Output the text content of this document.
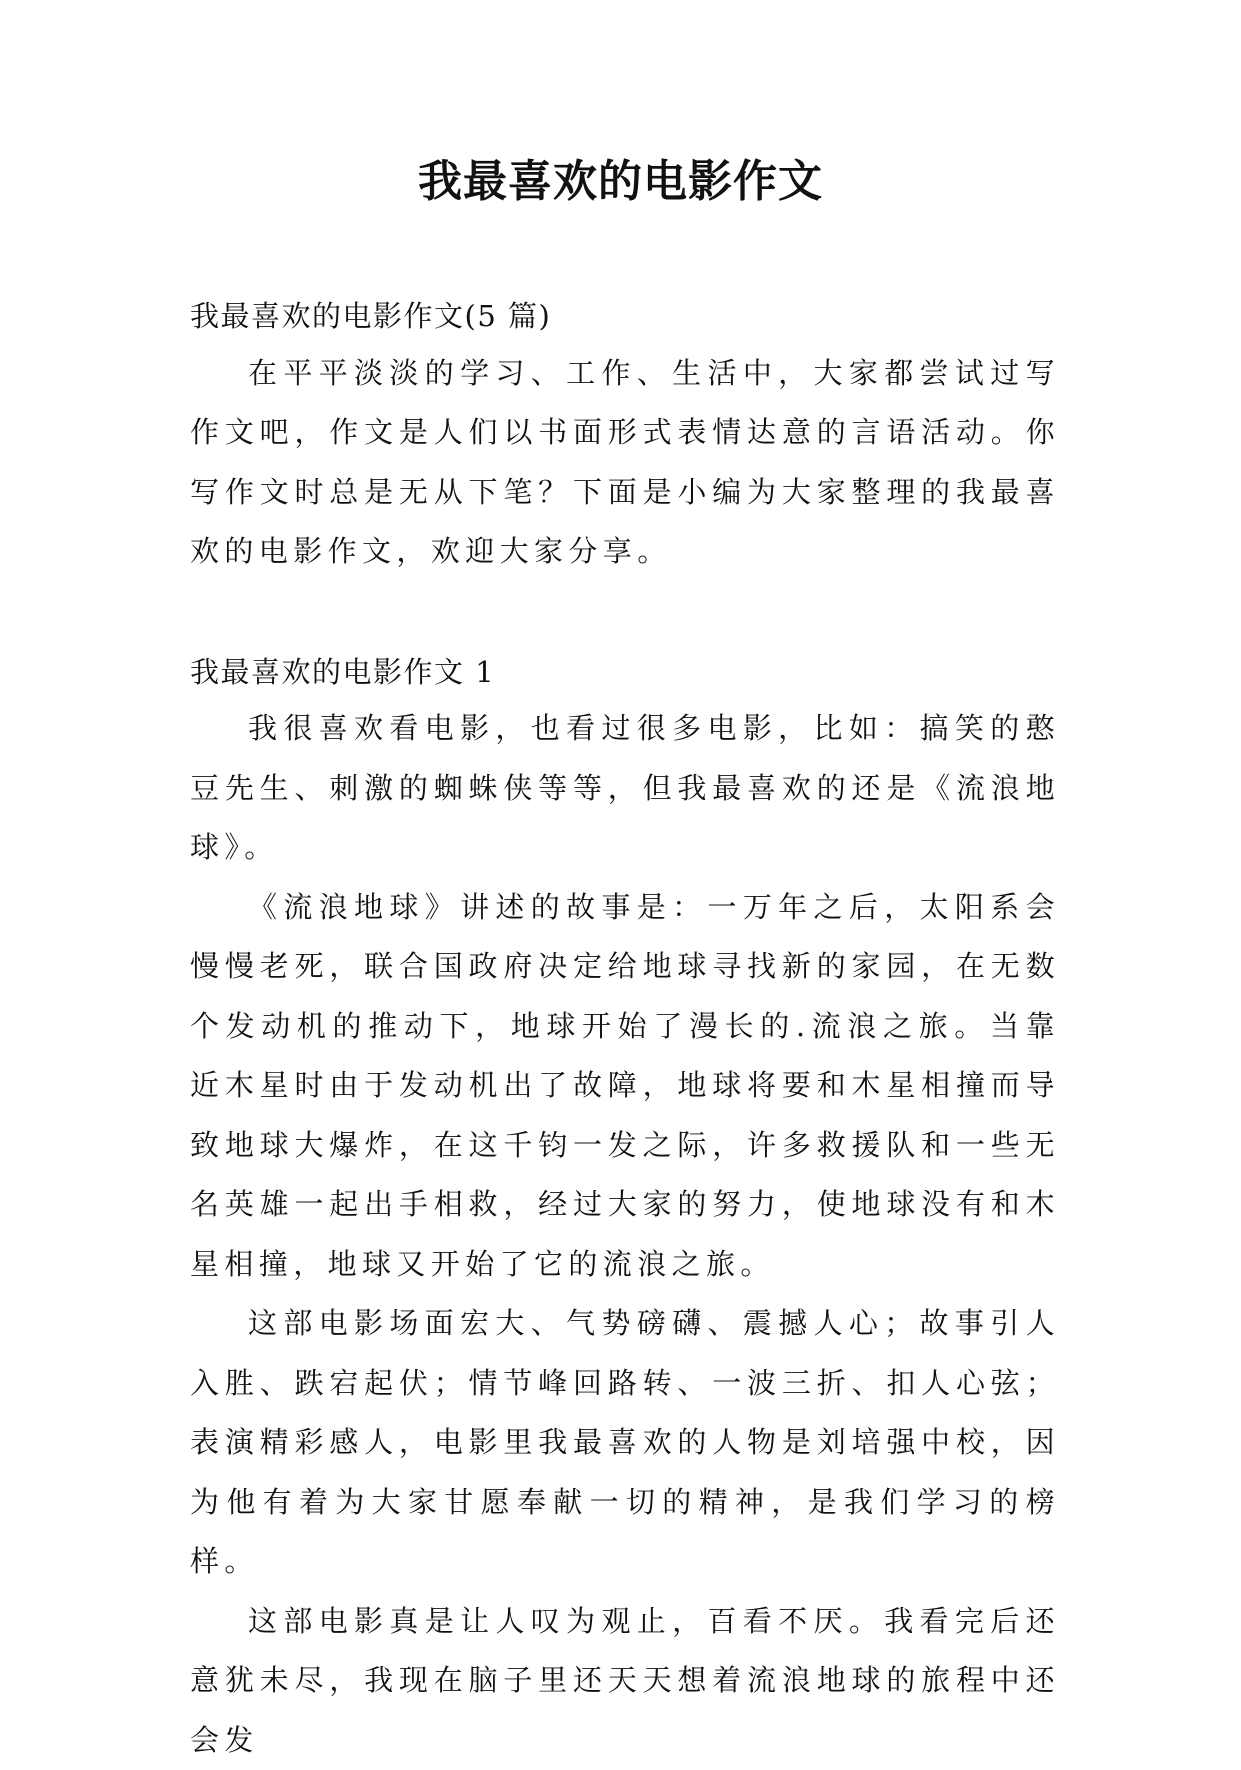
我最喜欢的电影作文

我最喜欢的电影作文(5 篇)

在平平淡淡的学习、工作、生活中，大家都尝试过写作文吧，作文是人们以书面形式表情达意的言语活动。你写作文时总是无从下笔？下面是小编为大家整理的我最喜欢的电影作文，欢迎大家分享。

我最喜欢的电影作文 1

我很喜欢看电影，也看过很多电影，比如：搞笑的憨豆先生、刺激的蜘蛛侠等等，但我最喜欢的还是《流浪地球》。

《流浪地球》讲述的故事是：一万年之后，太阳系会慢慢老死，联合国政府决定给地球寻找新的家园，在无数个发动机的推动下，地球开始了漫长的.流浪之旅。当靠近木星时由于发动机出了故障，地球将要和木星相撞而导致地球大爆炸，在这千钧一发之际，许多救援队和一些无名英雄一起出手相救，经过大家的努力，使地球没有和木星相撞，地球又开始了它的流浪之旅。

这部电影场面宏大、气势磅礴、震撼人心；故事引人入胜、跌宕起伏；情节峰回路转、一波三折、扣人心弦；表演精彩感人，电影里我最喜欢的人物是刘培强中校，因为他有着为大家甘愿奉献一切的精神，是我们学习的榜样。

这部电影真是让人叹为观止，百看不厌。我看完后还意犹未尽，我现在脑子里还天天想着流浪地球的旅程中还会发
